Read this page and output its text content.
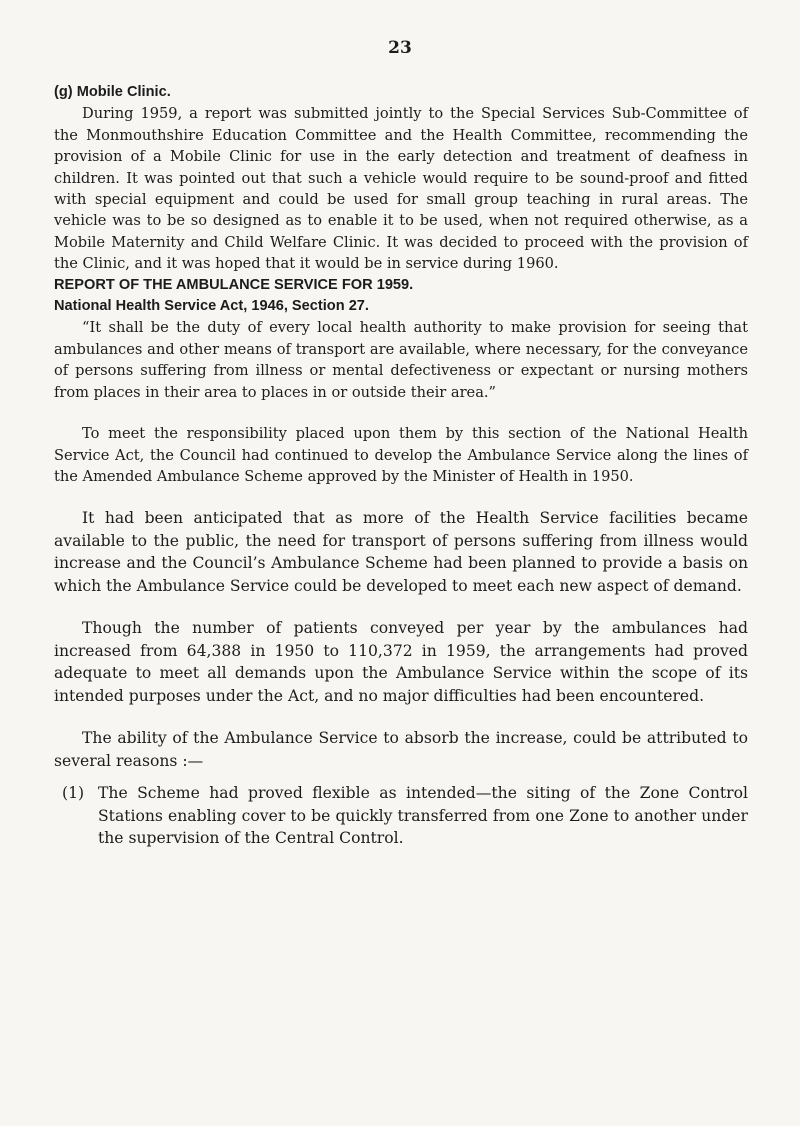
23

(g) Mobile Clinic.

During 1959, a report was submitted jointly to the Special Services Sub-Committee of the Monmouthshire Education Committee and the Health Committee, recommending the provision of a Mobile Clinic for use in the early detection and treatment of deafness in children. It was pointed out that such a vehicle would require to be sound-proof and fitted with special equipment and could be used for small group teaching in rural areas. The vehicle was to be so designed as to enable it to be used, when not required otherwise, as a Mobile Maternity and Child Welfare Clinic. It was decided to proceed with the provision of the Clinic, and it was hoped that it would be in service during 1960.

REPORT OF THE AMBULANCE SERVICE FOR 1959.

National Health Service Act, 1946, Section 27.

“It shall be the duty of every local health authority to make provision for seeing that ambulances and other means of transport are available, where necessary, for the conveyance of persons suffering from illness or mental defectiveness or expectant or nursing mothers from places in their area to places in or outside their area.”

To meet the responsibility placed upon them by this section of the National Health Service Act, the Council had continued to develop the Ambulance Service along the lines of the Amended Ambulance Scheme approved by the Minister of Health in 1950.

It had been anticipated that as more of the Health Service facilities became available to the public, the need for transport of persons suffering from illness would increase and the Council’s Ambulance Scheme had been planned to provide a basis on which the Ambulance Service could be developed to meet each new aspect of demand.

Though the number of patients conveyed per year by the ambulances had increased from 64,388 in 1950 to 110,372 in 1959, the arrangements had proved adequate to meet all demands upon the Ambulance Service within the scope of its intended purposes under the Act, and no major difficulties had been encountered.

The ability of the Ambulance Service to absorb the increase, could be attributed to several reasons :—

(1) The Scheme had proved flexible as intended—the siting of the Zone Control Stations enabling cover to be quickly transferred from one Zone to another under the supervision of the Central Control.
